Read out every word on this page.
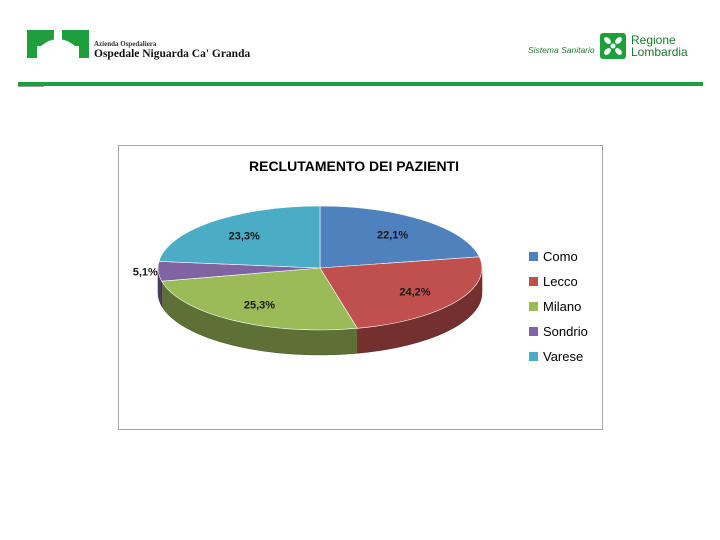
Azienda Ospedaliera
Ospedale Niguarda Ca' Granda	Sistema Sanitario
Regione
Lombardia
RECLUTAMENTO DEI PAZIENTI
22,1%
24,2%
25,3%
5,1%
23,3%
Como
Lecco
Milano
Sondrio
Varese
